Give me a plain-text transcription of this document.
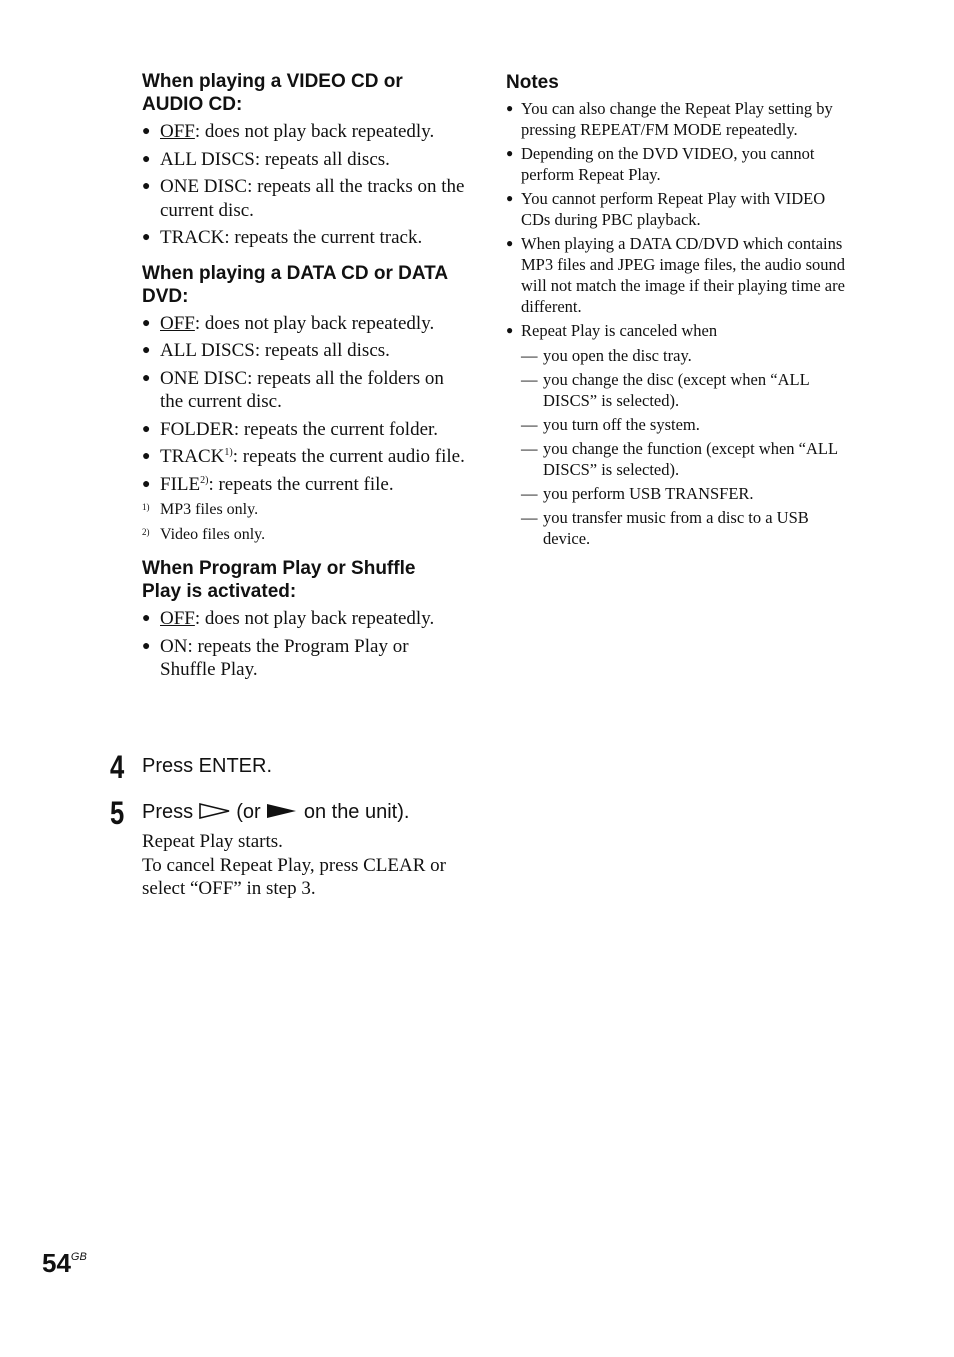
When playing a VIDEO CD or
AUDIO CD:
● OFF: does not play back repeatedly.
● ALL DISCS: repeats all discs.
● ONE DISC: repeats all the tracks on the current disc.
● TRACK: repeats the current track.
When playing a DATA CD or DATA
DVD:
● OFF: does not play back repeatedly.
● ALL DISCS: repeats all discs.
● ONE DISC: repeats all the folders on the current disc.
● FOLDER: repeats the current folder.
● TRACK$^{1)}$: repeats the current audio file.
● FILE$^{2)}$: repeats the current file.
1) MP3 files only.
2) Video files only.
When Program Play or Shuffle
Play is activated:
● OFF: does not play back repeatedly.
● ON: repeats the Program Play or Shuffle Play.
4 Press ENTER.
5 Press (or on the unit).
Repeat Play starts.
To cancel Repeat Play, press CLEAR or select “OFF” in step 3.
Notes
● You can also change the Repeat Play setting by pressing REPEAT/FM MODE repeatedly.
● Depending on the DVD VIDEO, you cannot perform Repeat Play.
● You cannot perform Repeat Play with VIDEO CDs during PBC playback.
● When playing a DATA CD/DVD which contains MP3 files and JPEG image files, the audio sound will not match the image if their playing time are different.
● Repeat Play is canceled when
— you open the disc tray.
— you change the disc (except when “ALL DISCS” is selected).
— you turn off the system.
— you change the function (except when “ALL DISCS” is selected).
— you perform USB TRANSFER.
— you transfer music from a disc to a USB device.
$54^{GB}$
